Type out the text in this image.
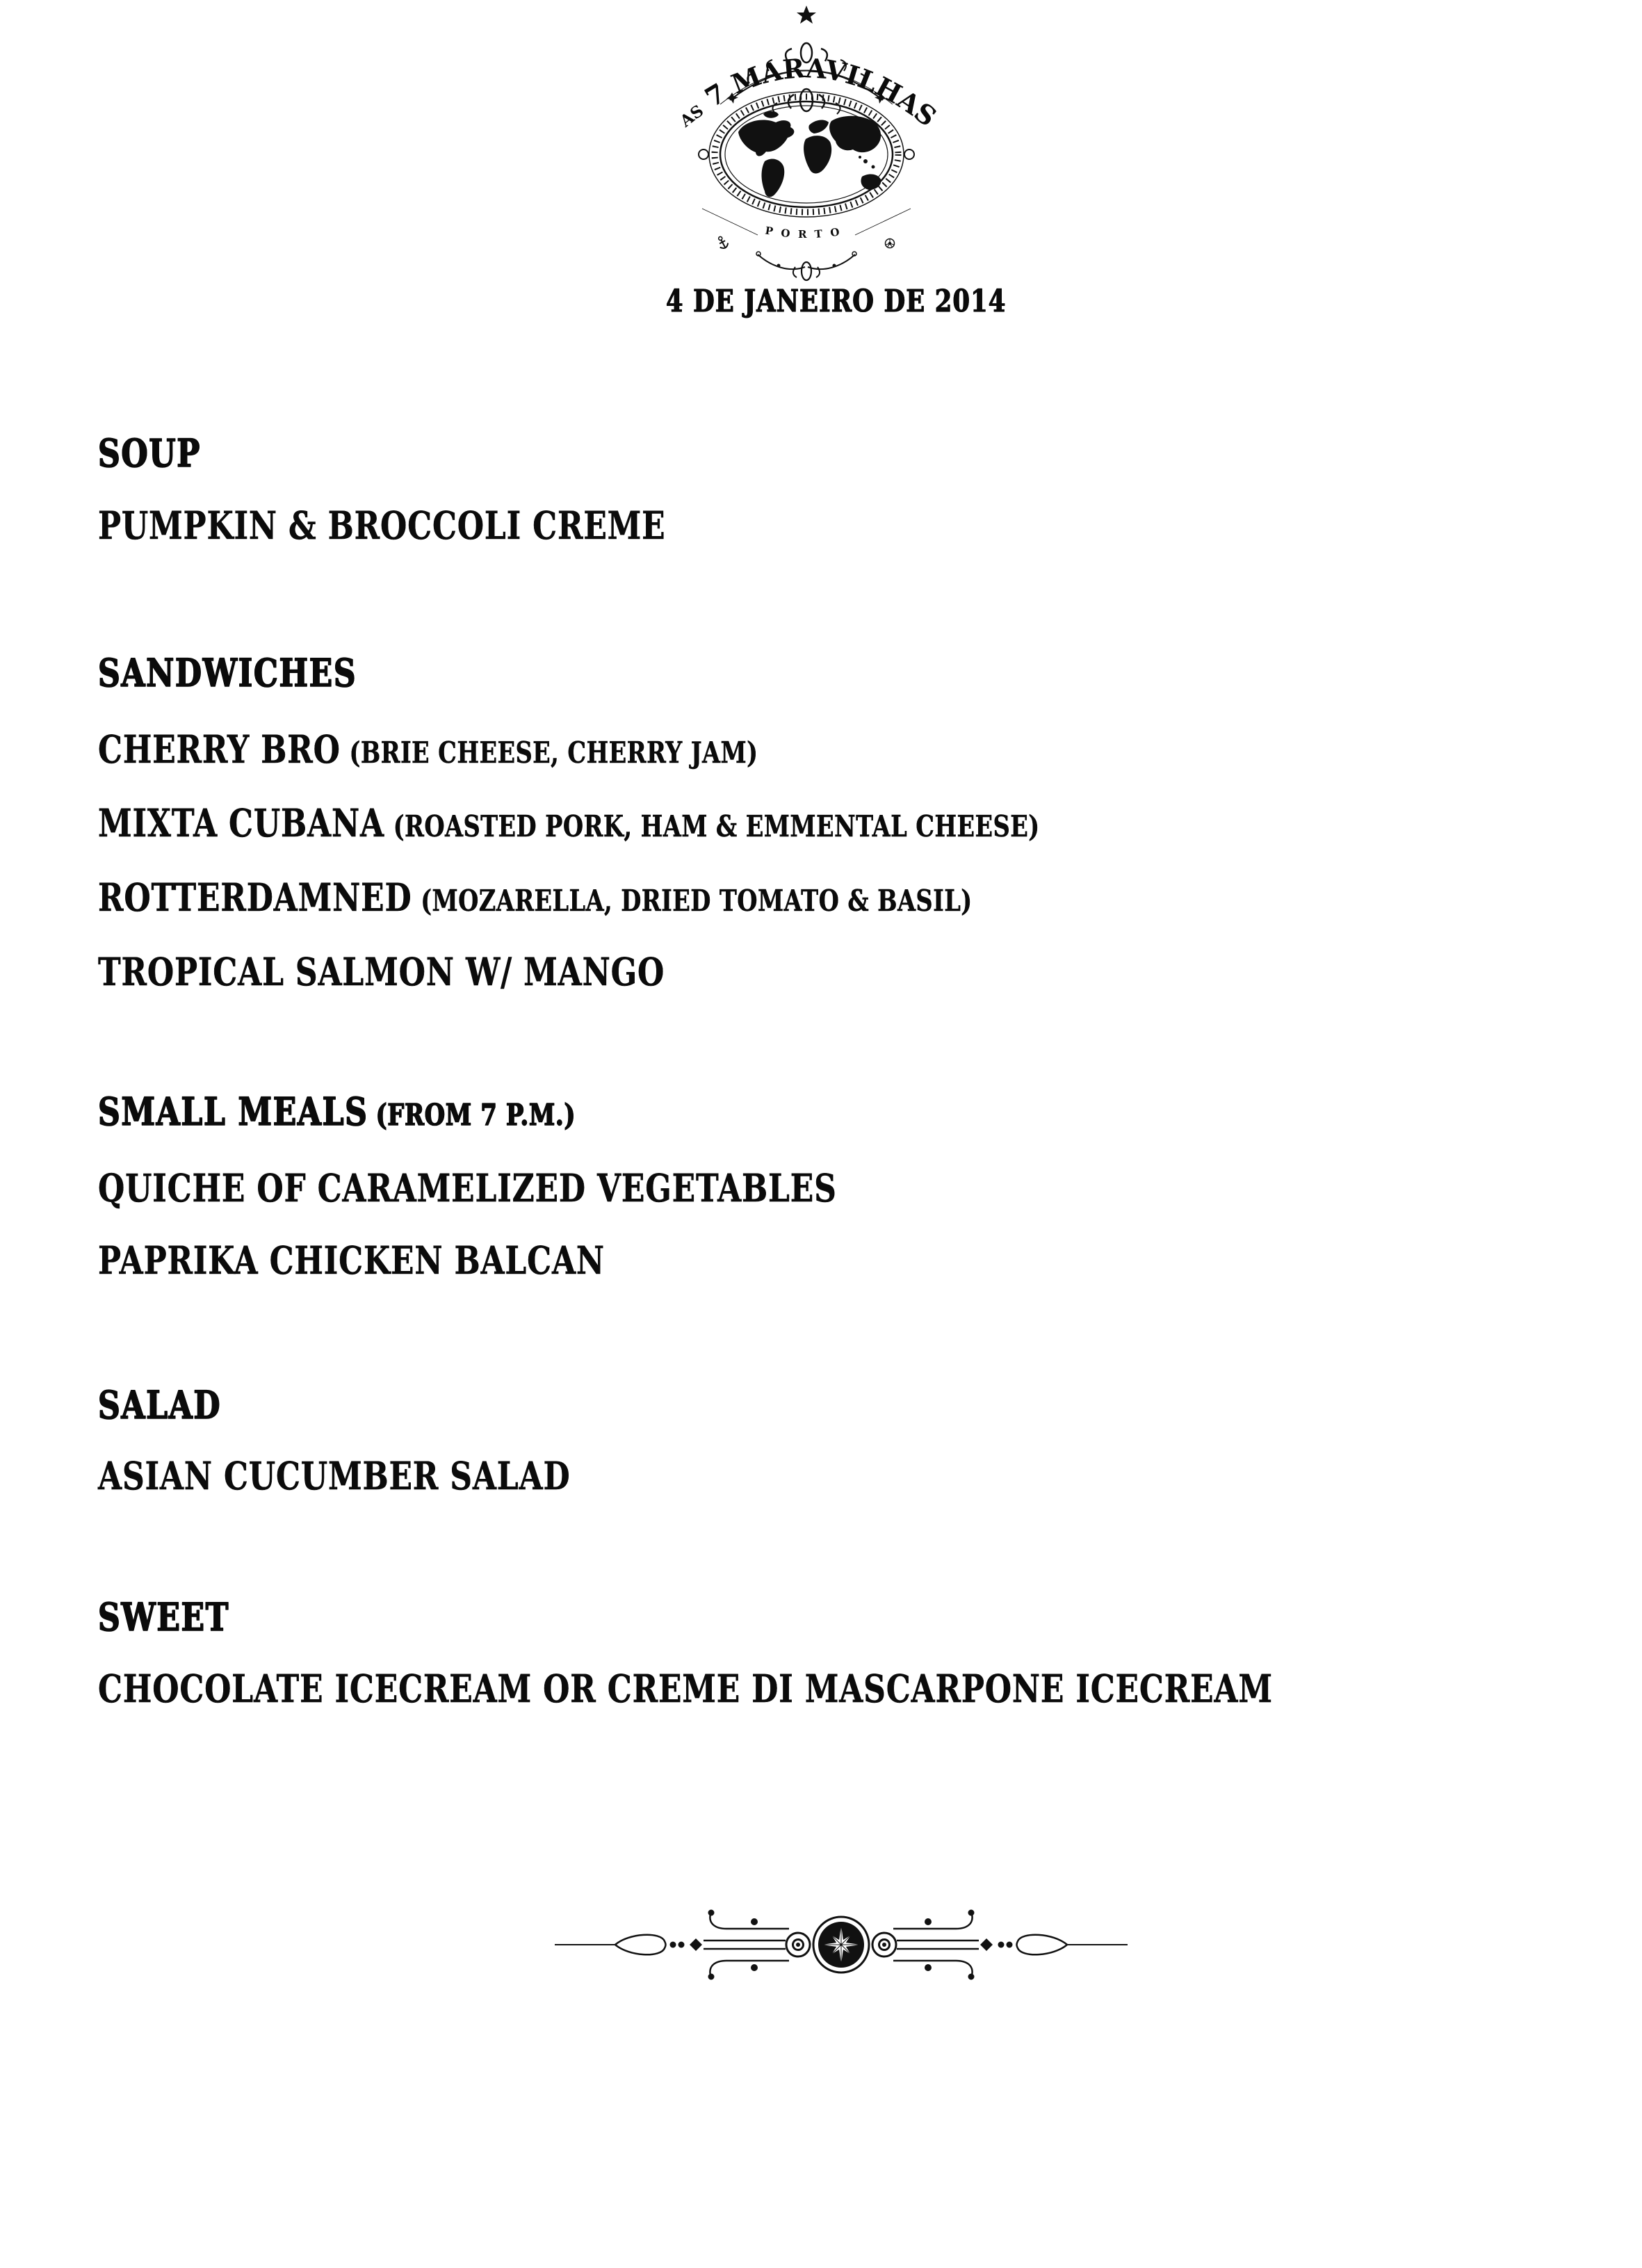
AS 7 MARAVILHAS
PORTO
4 DE JANEIRO DE 2014
SOUP
PUMPKIN & BROCCOLI CREME
SANDWICHES
CHERRY BRO (BRIE CHEESE, CHERRY JAM)
MIXTA CUBANA (ROASTED PORK, HAM & EMMENTAL CHEESE)
ROTTERDAMNED (MOZARELLA, DRIED TOMATO & BASIL)
TROPICAL SALMON W/ MANGO
SMALL MEALS (FROM 7 P.M.)
QUICHE OF CARAMELIZED VEGETABLES
PAPRIKA CHICKEN BALCAN
SALAD
ASIAN CUCUMBER SALAD
SWEET
CHOCOLATE ICECREAM OR CREME DI MASCARPONE ICECREAM
